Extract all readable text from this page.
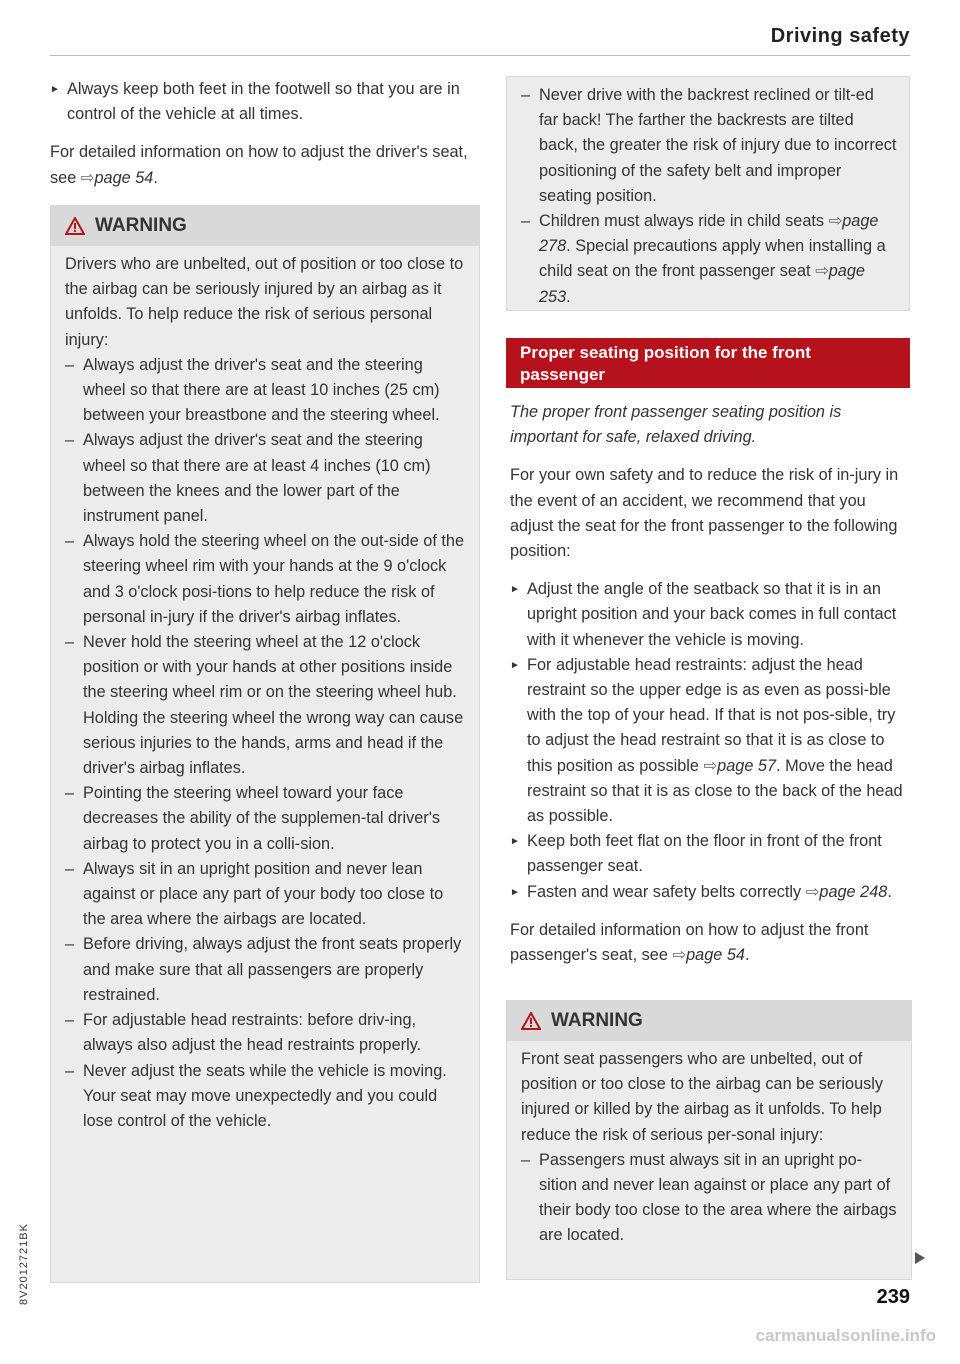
Driving safety

► Always keep both feet in the footwell so that you are in control of the vehicle at all times.

For detailed information on how to adjust the driver's seat, see ⇨page 54.

WARNING

Drivers who are unbelted, out of position or too close to the airbag can be seriously injured by an airbag as it unfolds. To help reduce the risk of serious personal injury:

– Always adjust the driver's seat and the steering wheel so that there are at least 10 inches (25 cm) between your breastbone and the steering wheel.

– Always adjust the driver's seat and the steering wheel so that there are at least 4 inches (10 cm) between the knees and the lower part of the instrument panel.

– Always hold the steering wheel on the out-side of the steering wheel rim with your hands at the 9 o'clock and 3 o'clock posi-tions to help reduce the risk of personal in-jury if the driver's airbag inflates.

– Never hold the steering wheel at the 12 o'clock position or with your hands at other positions inside the steering wheel rim or on the steering wheel hub. Holding the steering wheel the wrong way can cause serious injuries to the hands, arms and head if the driver's airbag inflates.

– Pointing the steering wheel toward your face decreases the ability of the supplemen-tal driver's airbag to protect you in a colli-sion.

– Always sit in an upright position and never lean against or place any part of your body too close to the area where the airbags are located.

– Before driving, always adjust the front seats properly and make sure that all passengers are properly restrained.

– For adjustable head restraints: before driv-ing, always also adjust the head restraints properly.

– Never adjust the seats while the vehicle is moving. Your seat may move unexpectedly and you could lose control of the vehicle.

– Never drive with the backrest reclined or tilt-ed far back! The farther the backrests are tilted back, the greater the risk of injury due to incorrect positioning of the safety belt and improper seating position.

– Children must always ride in child seats ⇨page 278. Special precautions apply when installing a child seat on the front passenger seat ⇨page 253.

Proper seating position for the front passenger

The proper front passenger seating position is important for safe, relaxed driving.

For your own safety and to reduce the risk of in-jury in the event of an accident, we recommend that you adjust the seat for the front passenger to the following position:

► Adjust the angle of the seatback so that it is in an upright position and your back comes in full contact with it whenever the vehicle is moving.

► For adjustable head restraints: adjust the head restraint so the upper edge is as even as possi-ble with the top of your head. If that is not pos-sible, try to adjust the head restraint so that it is as close to this position as possible ⇨page 57. Move the head restraint so that it is as close to the back of the head as possible.

► Keep both feet flat on the floor in front of the front passenger seat.

► Fasten and wear safety belts correctly ⇨page 248.

For detailed information on how to adjust the front passenger's seat, see ⇨page 54.

WARNING

Front seat passengers who are unbelted, out of position or too close to the airbag can be seriously injured or killed by the airbag as it unfolds. To help reduce the risk of serious per-sonal injury:

– Passengers must always sit in an upright po-sition and never lean against or place any part of their body too close to the area where the airbags are located.

239
8V2012721BK
carmanualsonline.info
